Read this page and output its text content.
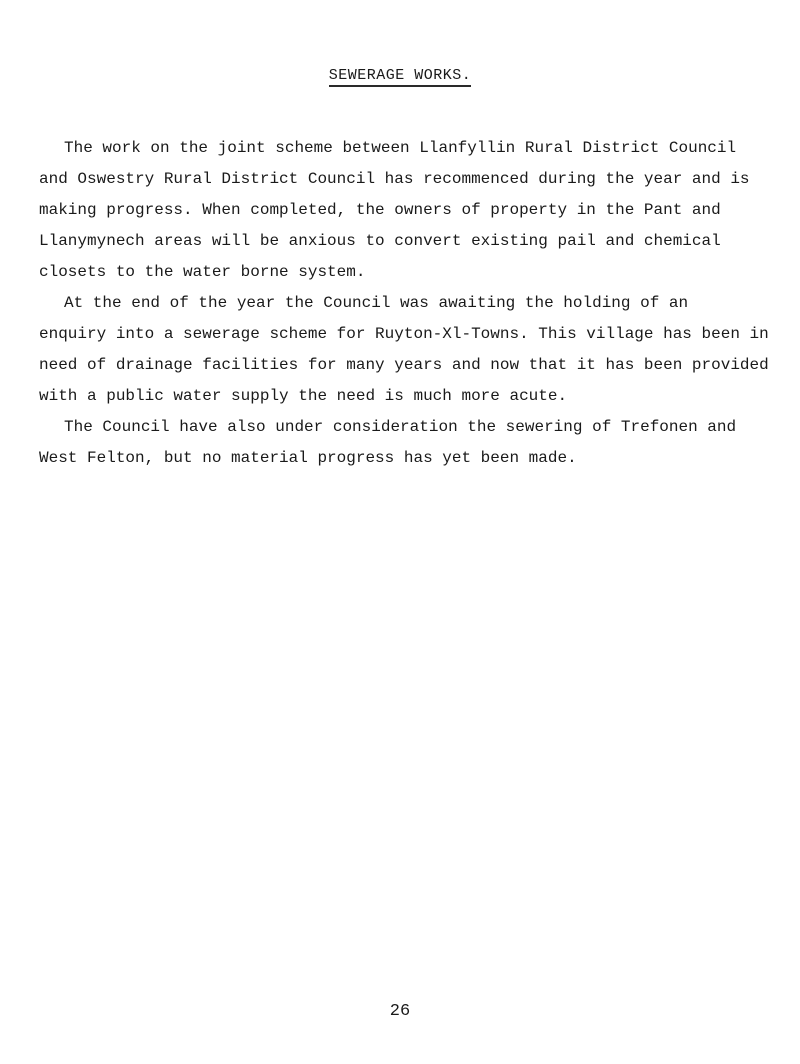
SEWERAGE WORKS.
The work on the joint scheme between Llanfyllin Rural District Council
and Oswestry Rural District Council has recommenced during the year and is
making progress. When completed, the owners of property in the Pant and
Llanymynech areas will be anxious to convert existing pail and chemical
closets to the water borne system.
At the end of the year the Council was awaiting the holding of an
enquiry into a sewerage scheme for Ruyton-Xl-Towns. This village has been in
need of drainage facilities for many years and now that it has been provided
with a public water supply the need is much more acute.
The Council have also under consideration the sewering of Trefonen and
West Felton, but no material progress has yet been made.
26
